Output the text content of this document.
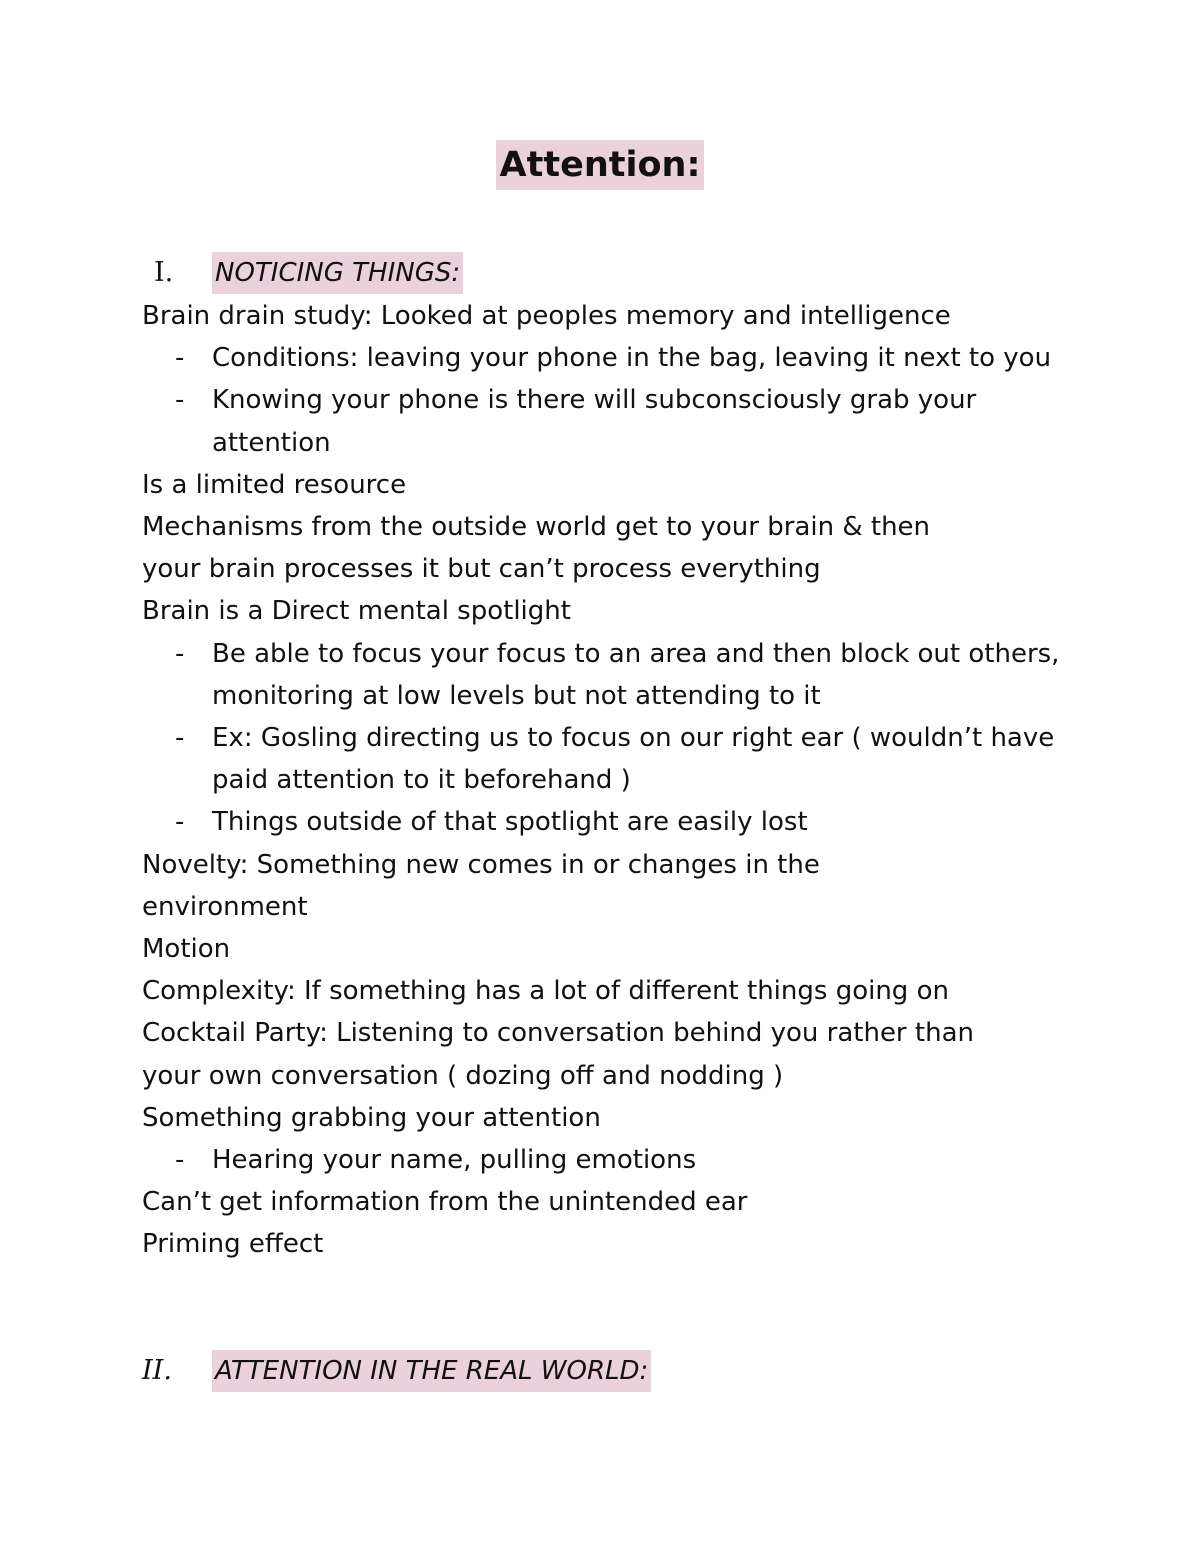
Attention:
I. NOTICING THINGS:
Brain drain study: Looked at peoples memory and intelligence
- Conditions: leaving your phone in the bag, leaving it next to you
- Knowing your phone is there will subconsciously grab your attention
Is a limited resource
Mechanisms from the outside world get to your brain & then
your brain processes it but can’t process everything
Brain is a Direct mental spotlight
- Be able to focus your focus to an area and then block out others, monitoring at low levels but not attending to it
- Ex: Gosling directing us to focus on our right ear ( wouldn’t have paid attention to it beforehand )
- Things outside of that spotlight are easily lost
Novelty: Something new comes in or changes in the
environment
Motion
Complexity: If something has a lot of different things going on
Cocktail Party: Listening to conversation behind you rather than
your own conversation ( dozing off and nodding )
Something grabbing your attention
- Hearing your name, pulling emotions
Can’t get information from the unintended ear
Priming effect
II. ATTENTION IN THE REAL WORLD:
